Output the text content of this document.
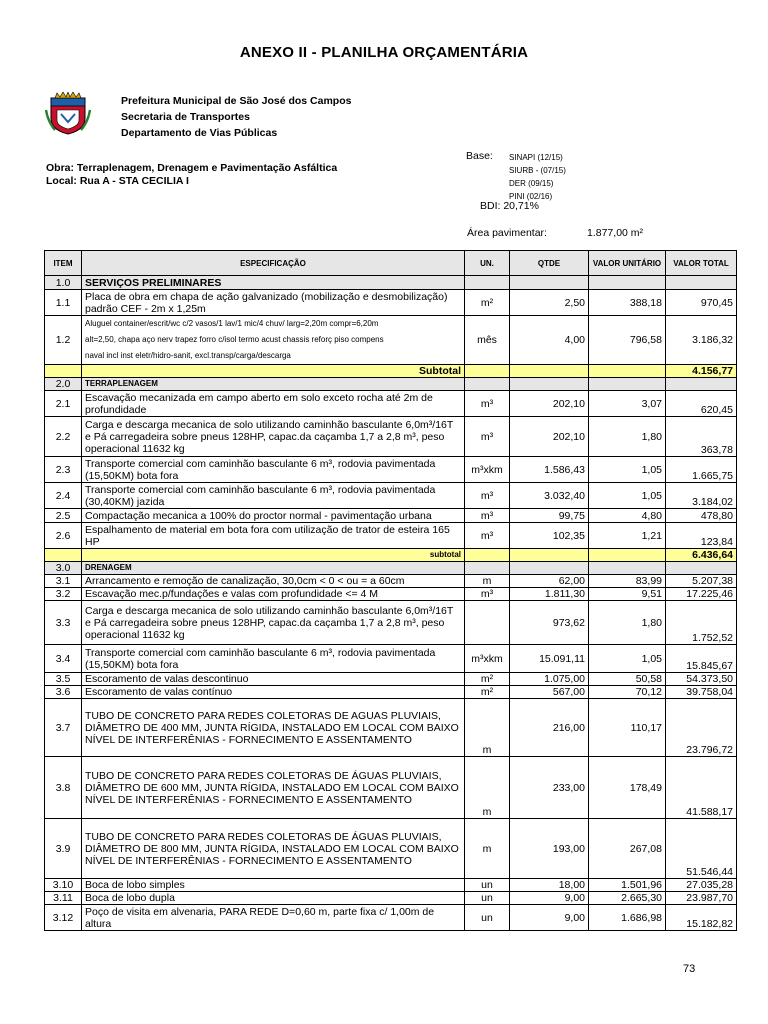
ANEXO II - PLANILHA ORÇAMENTÁRIA
Prefeitura Municipal de São José dos Campos
Secretaria de Transportes
Departamento de Vias Públicas
Obra: Terraplenagem, Drenagem e Pavimentação Asfáltica
Local: Rua A - STA CECILIA I
Base: SINAPI (12/15)
SIURB - (07/15)
DER (09/15)
PINI (02/16)
BDI: 20,71%
Área pavimentar:	1.877,00 m²
ITEM	ESPECIFICAÇÃO	UN.	QTDE	VALOR UNITÁRIO	VALOR TOTAL
1.0	SERVIÇOS PRELIMINARES				
1.1	Placa de obra em chapa de ação galvanizado (mobilização e desmobilização) padrão CEF - 2m x 1,25m	m²	2,50	388,18	970,45
1.2	Aluguel container/escrit/wc c/2 vasos/1 lav/1 mic/4 chuv/ larg=2,20m compr=6,20m
alt=2,50, chapa aço nerv trapez forro c/isol termo acust chassis reforç piso compens
naval incl inst eletr/hidro-sanit, excl.transp/carga/descarga	mês	4,00	796,58	3.186,32
	Subtotal				4.156,77
2.0	TERRAPLENAGEM				
2.1	Escavação mecanizada em campo aberto em solo exceto rocha até 2m de profundidade	m³	202,10	3,07	620,45
2.2	Carga e descarga mecanica de solo utilizando caminhão basculante 6,0m³/16T e Pá carregadeira sobre pneus 128HP, capac.da caçamba 1,7 a 2,8 m³, peso operacional 11632 kg	m³	202,10	1,80	363,78
2.3	Transporte comercial com caminhão basculante 6 m³, rodovia pavimentada (15,50KM) bota fora	m³xkm	1.586,43	1,05	1.665,75
2.4	Transporte comercial com caminhão basculante 6 m³, rodovia pavimentada (30,40KM) jazida	m³	3.032,40	1,05	3.184,02
2.5	Compactação mecanica a 100% do proctor normal - pavimentação urbana	m³	99,75	4,80	478,80
2.6	Espalhamento de material em bota fora com utilização de trator de esteira 165 HP	m³	102,35	1,21	123,84
	subtotal				6.436,64
3.0	DRENAGEM				
3.1	Arrancamento e remoção de canalização, 30,0cm < 0 < ou = a 60cm	m	62,00	83,99	5.207,38
3.2	Escavação mec.p/fundações e valas com profundidade <= 4 M	m³	1.811,30	9,51	17.225,46
3.3	Carga e descarga mecanica de solo utilizando caminhão basculante 6,0m³/16T e Pá carregadeira sobre pneus 128HP, capac.da caçamba 1,7 a 2,8 m³, peso operacional 11632 kg		973,62	1,80	1.752,52
3.4	Transporte comercial com caminhão basculante 6 m³, rodovia pavimentada (15,50KM) bota fora	m³xkm	15.091,11	1,05	15.845,67
3.5	Escoramento de valas descontinuo	m²	1.075,00	50,58	54.373,50
3.6	Escoramento de valas contínuo	m²	567,00	70,12	39.758,04
3.7	TUBO DE CONCRETO PARA REDES COLETORAS DE AGUAS PLUVIAIS, DIÂMETRO DE 400 MM, JUNTA RÍGIDA, INSTALADO EM LOCAL COM BAIXO NÍVEL DE INTERFERÊNIAS - FORNECIMENTO E ASSENTAMENTO	m	216,00	110,17	23.796,72
3.8	TUBO DE CONCRETO PARA REDES COLETORAS DE ÁGUAS PLUVIAIS, DIÂMETRO DE 600 MM, JUNTA RÍGIDA, INSTALADO EM LOCAL COM BAIXO NÍVEL DE INTERFERÊNIAS - FORNECIMENTO E ASSENTAMENTO	m	233,00	178,49	41.588,17
3.9	TUBO DE CONCRETO PARA REDES COLETORAS DE ÁGUAS PLUVIAIS, DIÂMETRO DE 800 MM, JUNTA RÍGIDA, INSTALADO EM LOCAL COM BAIXO NÍVEL DE INTERFERÊNIAS - FORNECIMENTO E ASSENTAMENTO	m	193,00	267,08	51.546,44
3.10	Boca de lobo simples	un	18,00	1.501,96	27.035,28
3.11	Boca de lobo dupla	un	9,00	2.665,30	23.987,70
3.12	Poço de visita em alvenaria, PARA REDE D=0,60 m, parte fixa c/ 1,00m de altura	un	9,00	1.686,98	15.182,82
73
